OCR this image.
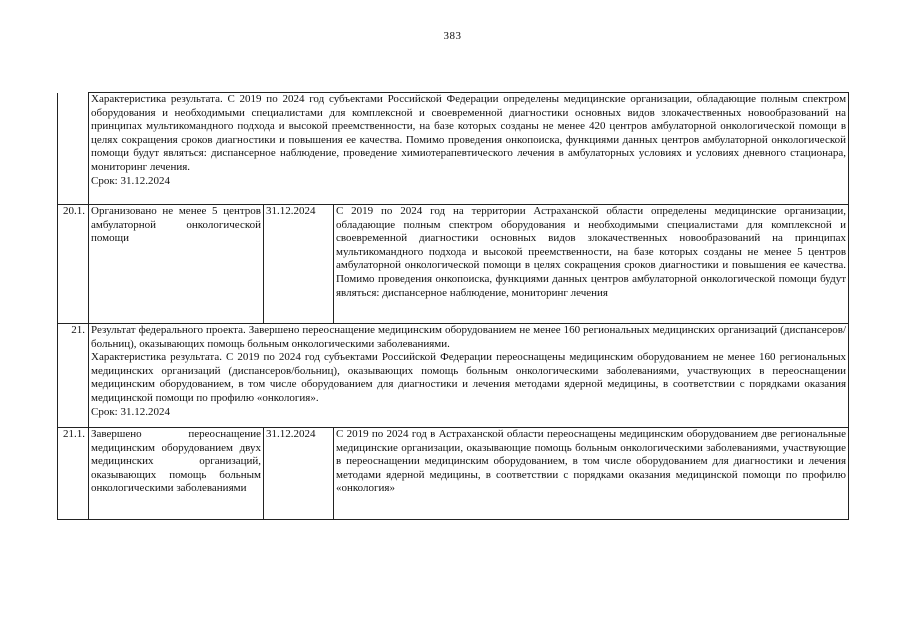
383

	Характеристика результата. С 2019 по 2024 год субъектами Российской Федерации определены медицинские организации, обладающие полным спектром оборудования и необходимыми специалистами для комплексной и своевременной диагностики основных видов злокачественных новообразований на принципах мультикомандного подхода и высокой преемственности, на базе которых созданы не менее 420 центров амбулаторной онкологической помощи в целях сокращения сроков диагностики и повышения ее качества. Помимо проведения онкопоиска, функциями данных центров амбулаторной онкологической помощи будут являться: диспансерное наблюдение, проведение химиотерапевтического лечения в амбулаторных условиях и условиях дневного стационара, мониторинг лечения.
Срок: 31.12.2024		

20.1.	Организовано не менее 5 центров амбулаторной онкологической помощи	31.12.2024	С 2019 по 2024 год на территории Астраханской области определены медицинские организации, обладающие полным спектром оборудования и необходимыми специалистами для комплексной и своевременной диагностики основных видов злокачественных новообразований на принципах мультикомандного подхода и высокой преемственности, на базе которых созданы не менее 5 центров амбулаторной онкологической помощи в целях сокращения сроков диагностики и повышения ее качества. Помимо проведения онкопоиска, функциями данных центров амбулаторной онкологической помощи будут являться: диспансерное наблюдение, мониторинг лечения
21.	Результат федерального проекта. Завершено переоснащение медицинским оборудованием не менее 160 региональных медицинских организаций (диспансеров/больниц), оказывающих помощь больным онкологическими заболеваниями.
Характеристика результата. С 2019 по 2024 год субъектами Российской Федерации переоснащены медицинским оборудованием не менее 160 региональных медицинских организаций (диспансеров/больниц), оказывающих помощь больным онкологическими заболеваниями, участвующих в переоснащении медицинским оборудованием, в том числе оборудованием для диагностики и лечения методами ядерной медицины, в соответствии с порядками оказания медицинской помощи по профилю «онкология».
Срок: 31.12.2024		

21.1.	Завершено переоснащение медицинским оборудованием двух медицинских организаций, оказывающих помощь больным онкологическими заболеваниями	31.12.2024	С 2019 по 2024 год в Астраханской области переоснащены медицинским оборудованием две региональные медицинские организации, оказывающие помощь больным онкологическими заболеваниями, участвующие в переоснащении медицинским оборудованием, в том числе оборудованием для диагностики и лечения методами ядерной медицины, в соответствии с порядками оказания медицинской помощи по профилю «онкология»
